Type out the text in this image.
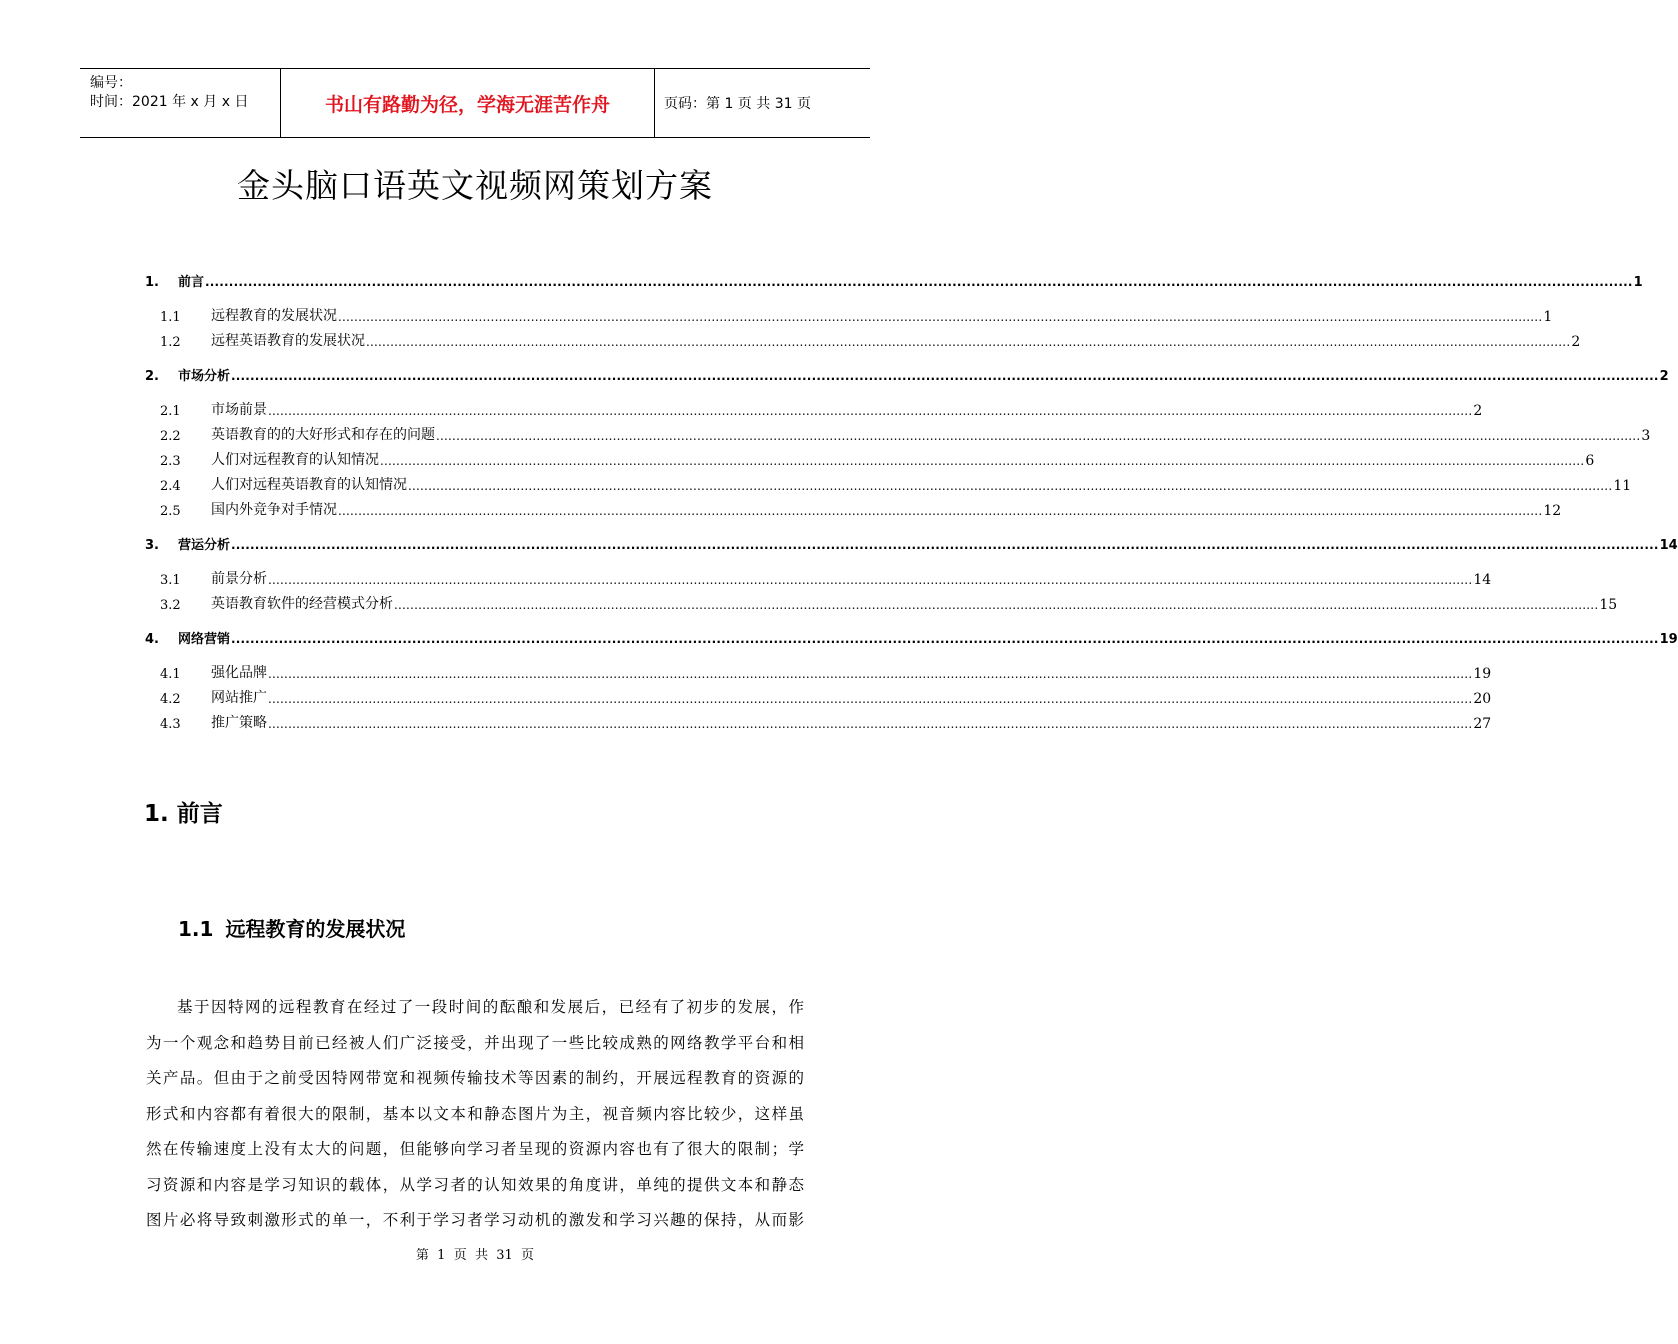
编号：
时间：2021 年 x 月 x 日	书山有路勤为径，学海无涯苦作舟	页码：第 1 页 共 31 页
金头脑口语英文视频网策划方案
1.	前言 ............................................................................................................................................................................................................................................................................................................ 1
1.1	远程教育的发展状况 ............................................................................................................................................................................................................................................................................................................ 1
1.2	远程英语教育的发展状况 ............................................................................................................................................................................................................................................................................................................ 2
2.	市场分析 ............................................................................................................................................................................................................................................................................................................ 2
2.1	市场前景 ............................................................................................................................................................................................................................................................................................................ 2
2.2	英语教育的的大好形式和存在的问题 ............................................................................................................................................................................................................................................................................................................ 3
2.3	人们对远程教育的认知情况 ............................................................................................................................................................................................................................................................................................................ 6
2.4	人们对远程英语教育的认知情况 ............................................................................................................................................................................................................................................................................................................ 11
2.5	国内外竞争对手情况 ............................................................................................................................................................................................................................................................................................................ 12
3.	营运分析 ............................................................................................................................................................................................................................................................................................................ 14
3.1	前景分析 ............................................................................................................................................................................................................................................................................................................ 14
3.2	英语教育软件的经营模式分析 ............................................................................................................................................................................................................................................................................................................ 15
4.	网络营销 ............................................................................................................................................................................................................................................................................................................ 19
4.1	强化品牌 ............................................................................................................................................................................................................................................................................................................ 19
4.2	网站推广 ............................................................................................................................................................................................................................................................................................................ 20
4.3	推广策略 ............................................................................................................................................................................................................................................................................................................ 27
1. 前言
1.1 远程教育的发展状况
基于因特网的远程教育在经过了一段时间的酝酿和发展后，已经有了初步的发展，作
为一个观念和趋势目前已经被人们广泛接受，并出现了一些比较成熟的网络教学平台和相
关产品。但由于之前受因特网带宽和视频传输技术等因素的制约，开展远程教育的资源的
形式和内容都有着很大的限制，基本以文本和静态图片为主，视音频内容比较少，这样虽
然在传输速度上没有太大的问题，但能够向学习者呈现的资源内容也有了很大的限制；学
习资源和内容是学习知识的载体，从学习者的认知效果的角度讲，单纯的提供文本和静态
图片必将导致刺激形式的单一，不利于学习者学习动机的激发和学习兴趣的保持，从而影
第  1  页  共  31  页
